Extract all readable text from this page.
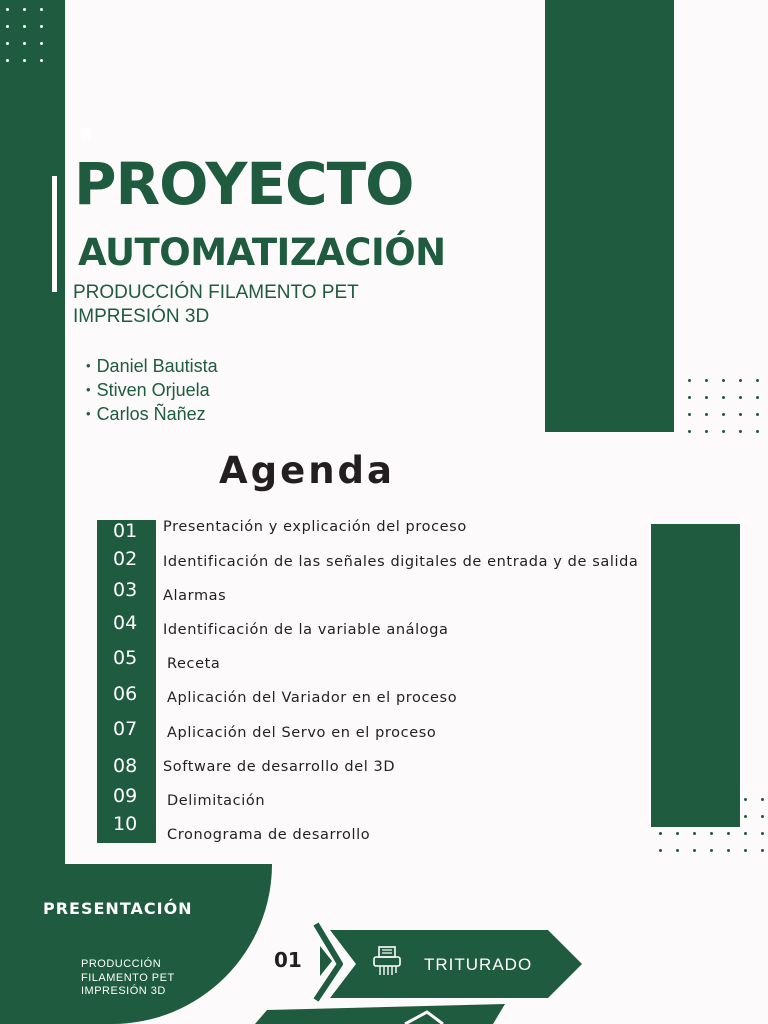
PROYECTO
AUTOMATIZACIÓN
PRODUCCIÓN FILAMENTO PET
IMPRESIÓN 3D
• Daniel Bautista
• Stiven Orjuela
• Carlos Ñañez
Agenda
01
02
03
04
05
06
07
08
09
10
Presentación y explicación del proceso
Identificación de las señales digitales de entrada y de salida
Alarmas
Identificación de la variable análoga
Receta
Aplicación del Variador en el proceso
Aplicación del Servo en el proceso
Software de desarrollo del 3D
Delimitación
Cronograma de desarrollo
PRESENTACIÓN
PRODUCCIÓN
FILAMENTO PET
IMPRESIÓN 3D
01	TRITURADO
